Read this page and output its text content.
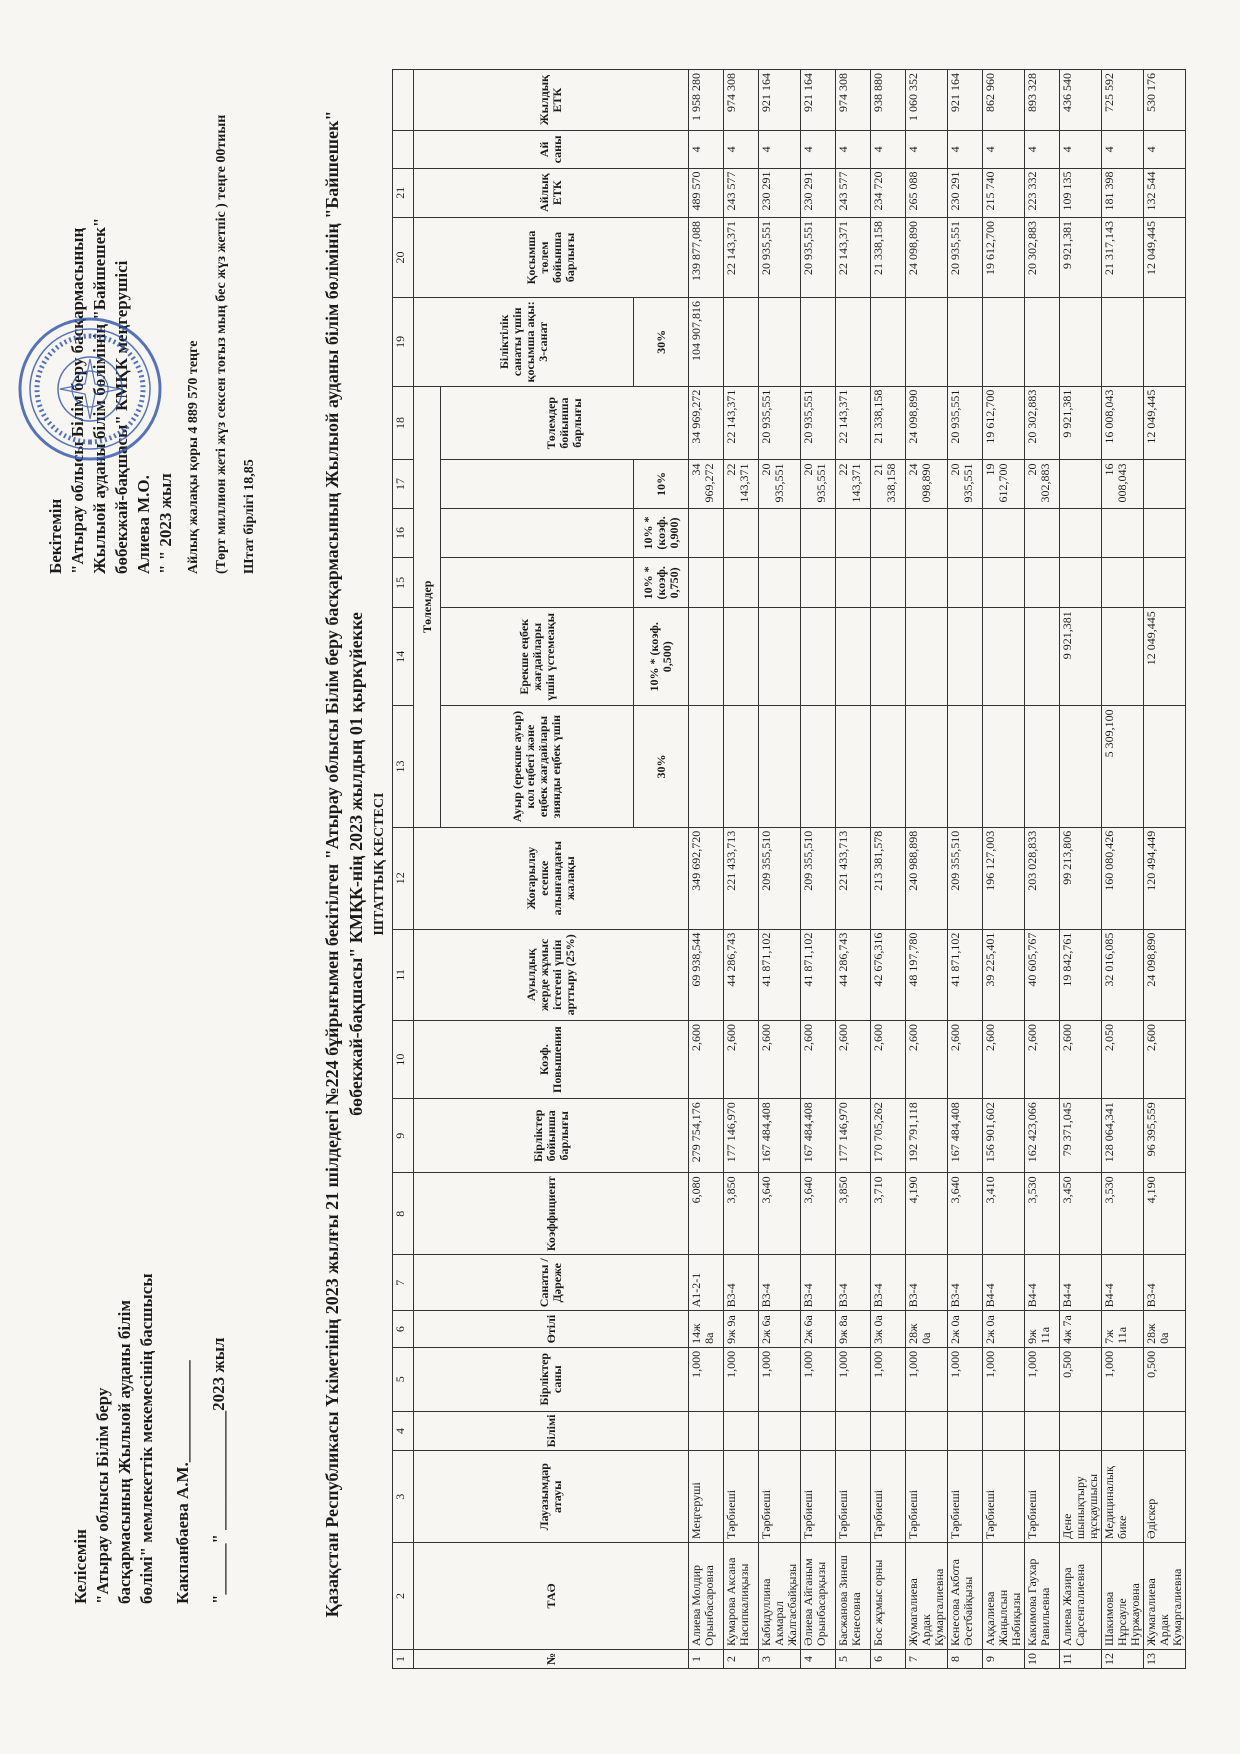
Келісемін "Атырау облысы Білім беру басқармасының Жылыой ауданы білім бөлімі" мемлекеттік мекемесінің басшысы Какпанбаева А.М.____________
"______" ______________2023 жыл
Бекітемін "Атырау облысы Білім беру басқармасының Жылыой ауданы білім бөлімінің "Байшешек" бөбекжай-бақшасы" КМҚК меңгерушісі Алиева М.О. " " 2023 жыл Айлық жалақы қоры 4 889 570 теңге (Төрт миллион жетi жүз сексен тоғыз мың бес жүз жетпiс ) теңге 00тиын Штат бірлігі 18,85	Қазақстан Республикасы Үкіметінің 2023 жылғы 21 шілдедегі №224 бұйрығымен бекітілген "Атырау облысы Білім беру басқармасының Жылыой ауданы білім бөлімінің "Байшешек" бөбекжай-бақшасы" КМҚК-нің 2023 жылдың 01 қыркүйекке ШТАТТЫҚ КЕСТЕСІ
1	2	3	4	5	6	7	8	9	10	11	12	13	14	15	16	17	18	19	20	21		
№	ТАӘ	Лауазымдар атауы	Білімі	Бірліктер саны	Өтілі	Санаты / Дәреже	Коэффициент	Бірліктер бойынша барлығы	Коэф. Повышения	Ауылдық жерде жұмыс істегені үшін арттыру (25%)	Жоғарылау есепке алынғандағы жалақы	Төлемдер						Біліктілік санаты үшін қосымша ақы: 3-санат	Қосымша төлем бойынша барлығы	Айлық ЕТК	Ай саны	Жылдық ЕТК
												Ауыр (ерекше ауыр) кол еңбегі және еңбек жағдайлары зиянды еңбек үшін	Ерекше еңбек жағдайлары үшін үстемеақы				Төлемдер бойынша барлығы					
												30%	10% * (коэф. 0,500)	10% * (коэф. 0,750)	10% * (коэф. 0,900)	10%		30%				
1	Алиева Молдир Орынбасаровна	Меңгеруші		1,000	14ж 8а	А1-2-1	6,080	279 754,176	2,600	69 938,544	349 692,720					34 969,272	34 969,272	104 907,816	139 877,088	489 570	4	1 958 280
2	Кумарова Аксана Насипкалиқызы	Тәрбиеші		1,000	9ж 9а	В3-4	3,850	177 146,970	2,600	44 286,743	221 433,713					22 143,371	22 143,371		22 143,371	243 577	4	974 308
3	Кабидуллина Акмарал Жалгасбайқызы	Тәрбиеші		1,000	2ж 6а	В3-4	3,640	167 484,408	2,600	41 871,102	209 355,510					20 935,551	20 935,551		20 935,551	230 291	4	921 164
4	Әлиева Айганым Орынбасарқызы	Тәрбиеші		1,000	2ж 6а	В3-4	3,640	167 484,408	2,600	41 871,102	209 355,510					20 935,551	20 935,551		20 935,551	230 291	4	921 164
5	Басжанова Зинеш Кенесовна	Тәрбиеші		1,000	9ж 8а	В3-4	3,850	177 146,970	2,600	44 286,743	221 433,713					22 143,371	22 143,371		22 143,371	243 577	4	974 308
6	Бос жұмыс орны	Тәрбиеші		1,000	3ж 0а	В3-4	3,710	170 705,262	2,600	42 676,316	213 381,578					21 338,158	21 338,158		21 338,158	234 720	4	938 880
7	Жумагалиева Ардак Кумаргалиевна	Тәрбиеші		1,000	28ж 0а	В3-4	4,190	192 791,118	2,600	48 197,780	240 988,898					24 098,890	24 098,890		24 098,890	265 088	4	1 060 352
8	Кенесова Акбота Әсетбайқызы	Тәрбиеші		1,000	2ж 0а	В3-4	3,640	167 484,408	2,600	41 871,102	209 355,510					20 935,551	20 935,551		20 935,551	230 291	4	921 164
9	Аққалиева Жаңылсын Нәбиқызы	Тәрбиеші		1,000	2ж 0а	В4-4	3,410	156 901,602	2,600	39 225,401	196 127,003					19 612,700	19 612,700		19 612,700	215 740	4	862 960
10	Какимова Гаухар Равильевна	Тәрбиеші		1,000	9ж 11а	В4-4	3,530	162 423,066	2,600	40 605,767	203 028,833					20 302,883	20 302,883		20 302,883	223 332	4	893 328
11	Алиева Жазира Сарсенгалиевна	Дене шынықтыру нұсқаушысы		0,500	4ж 7а	В4-4	3,450	79 371,045	2,600	19 842,761	99 213,806		9 921,381				9 921,381		9 921,381	109 135	4	436 540
12	Шакимова Нұрсауле Нуржауовна	Медициналық бике		1,000	7ж 11а	В4-4	3,530	128 064,341	2,050	32 016,085	160 080,426	5 309,100				16 008,043	16 008,043		21 317,143	181 398	4	725 592
13	Жумагалиева Ардак Кумаргалиевна	Әдіскер		0,500	28ж 0а	В3-4	4,190	96 395,559	2,600	24 098,890	120 494,449		12 049,445				12 049,445		12 049,445	132 544	4	530 176
